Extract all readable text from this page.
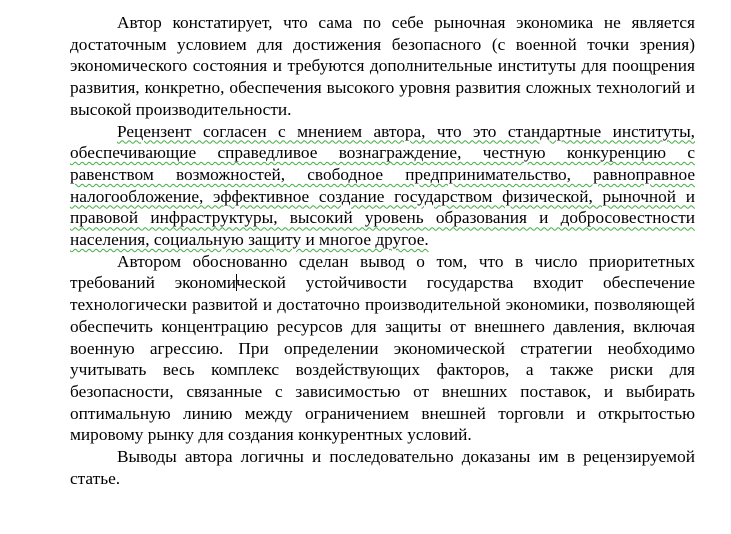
Автор констатирует, что сама по себе рыночная экономика не является достаточным условием для достижения безопасного (с военной точки зрения) экономического состояния и требуются дополнительные институты для поощрения развития, конкретно, обеспечения высокого уровня развития сложных технологий и высокой производительности.

Рецензент согласен с мнением автора, что это стандартные институты, обеспечивающие справедливое вознаграждение, честную конкуренцию с равенством возможностей, свободное предпринимательство, равноправное налогообложение, эффективное создание государством физической, рыночной и правовой инфраструктуры, высокий уровень образования и добросовестности населения, социальную защиту и многое другое.

Автором обоснованно сделан вывод о том, что в число приоритетных требований экономической устойчивости государства входит обеспечение технологически развитой и достаточно производительной экономики, позволяющей обеспечить концентрацию ресурсов для защиты от внешнего давления, включая военную агрессию. При определении экономической стратегии необходимо учитывать весь комплекс воздействующих факторов, а также риски для безопасности, связанные с зависимостью от внешних поставок, и выбирать оптимальную линию между ограничением внешней торговли и открытостью мировому рынку для создания конкурентных условий.

Выводы автора логичны и последовательно доказаны им в рецензируемой статье.
